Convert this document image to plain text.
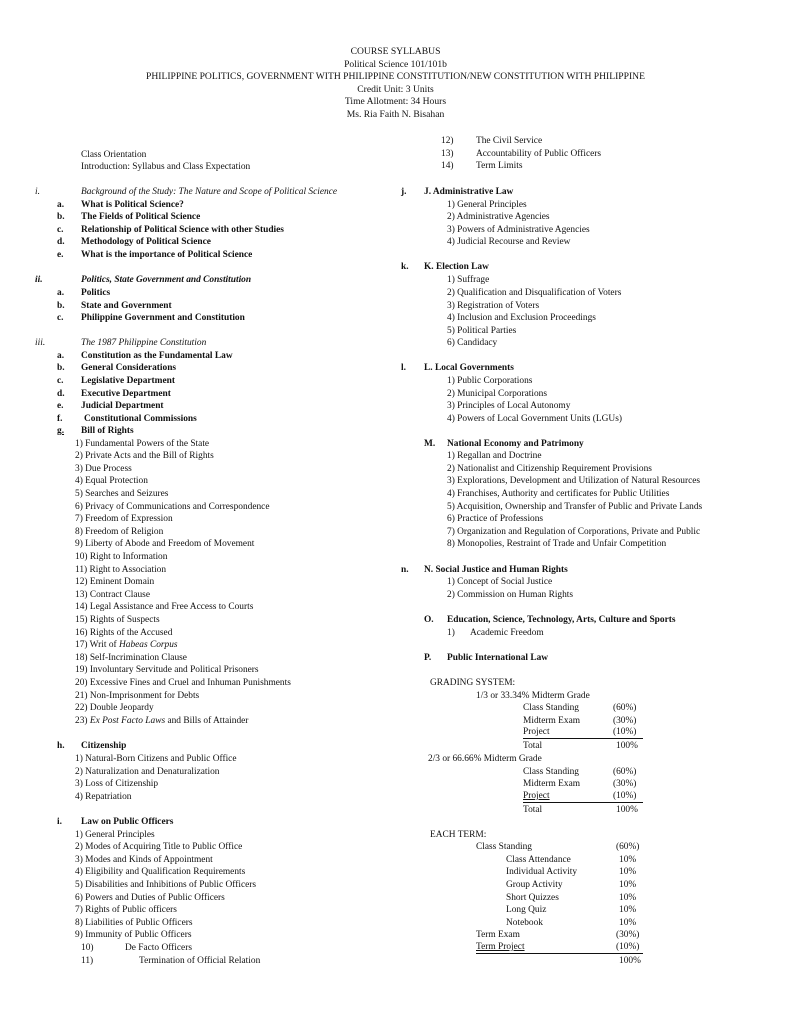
COURSE SYLLABUS
Political Science 101/101b
PHILIPPINE POLITICS, GOVERNMENT WITH PHILIPPINE CONSTITUTION/NEW CONSTITUTION WITH PHILIPPINE
Credit Unit: 3 Units
Time Allotment: 34 Hours
Ms. Ria Faith N. Bisahan
Class Orientation
Introduction: Syllabus and Class Expectation
i.	Background of the Study: The Nature and Scope of Political Science
a. What is Political Science?
b. The Fields of Political Science
c. Relationship of Political Science with other Studies
d. Methodology of Political Science
e. What is the importance of Political Science
ii.	Politics, State Government and Constitution
a. Politics
b. State and Government
c. Philippine Government and Constitution
iii.	The 1987 Philippine Constitution
a. Constitution as the Fundamental Law
b. General Considerations
c. Legislative Department
d. Executive Department
e. Judicial Department
f. Constitutional Commissions
g. Bill of Rights
1) Fundamental Powers of the State
2) Private Acts and the Bill of Rights
3) Due Process
4) Equal Protection
5) Searches and Seizures
6) Privacy of Communications and Correspondence
7) Freedom of Expression
8) Freedom of Religion
9) Liberty of Abode and Freedom of Movement
10) Right to Information
11) Right to Association
12) Eminent Domain
13) Contract Clause
14) Legal Assistance and Free Access to Courts
15) Rights of Suspects
16) Rights of the Accused
17) Writ of Habeas Corpus
18) Self-Incrimination Clause
19) Involuntary Servitude and Political Prisoners
20) Excessive Fines and Cruel and Inhuman Punishments
21) Non-Imprisonment for Debts
22) Double Jeopardy
23) Ex Post Facto Laws and Bills of Attainder
h. Citizenship
1) Natural-Born Citizens and Public Office
2) Naturalization and Denaturalization
3) Loss of Citizenship
4) Repatriation
i. Law on Public Officers
1) General Principles
2) Modes of Acquiring Title to Public Office
3) Modes and Kinds of Appointment
4) Eligibility and Qualification Requirements
5) Disabilities and Inhibitions of Public Officers
6) Powers and Duties of Public Officers
7) Rights of Public officers
8) Liabilities of Public Officers
9) Immunity of Public Officers
10)	De Facto Officers
11)	Termination of Official Relation
12) The Civil Service
13) Accountability of Public Officers
14) Term Limits
j. J. Administrative Law
1) General Principles
2) Administrative Agencies
3) Powers of Administrative Agencies
4) Judicial Recourse and Review
k. K. Election Law
1) Suffrage
2) Qualification and Disqualification of Voters
3) Registration of Voters
4) Inclusion and Exclusion Proceedings
5) Political Parties
6) Candidacy
l. L. Local Governments
1) Public Corporations
2) Municipal Corporations
3) Principles of Local Autonomy
4) Powers of Local Government Units (LGUs)
M. National Economy and Patrimony
1) Regallan and Doctrine
2) Nationalist and Citizenship Requirement Provisions
3) Explorations, Development and Utilization of Natural Resources
4) Franchises, Authority and certificates for Public Utilities
5) Acquisition, Ownership and Transfer of Public and Private Lands
6) Practice of Professions
7) Organization and Regulation of Corporations, Private and Public
8) Monopolies, Restraint of Trade and Unfair Competition
n. N. Social Justice and Human Rights
1) Concept of Social Justice
2) Commission on Human Rights
O. Education, Science, Technology, Arts, Culture and Sports
1) Academic Freedom
P. Public International Law
GRADING SYSTEM:
1/3 or 33.34% Midterm Grade
Class Standing	(60%)
Midterm Exam	(30%)
Project	(10%)
Total	100%
2/3 or 66.66% Midterm Grade
Class Standing	(60%)
Midterm Exam	(30%)
Project	(10%)
Total	100%
EACH TERM:
Class Standing	(60%)
Class Attendance	10%
Individual Activity	10%
Group Activity	10%
Short Quizzes	10%
Long Quiz	10%
Notebook	10%
Term Exam	(30%)
Term Project	(10%)
100%
